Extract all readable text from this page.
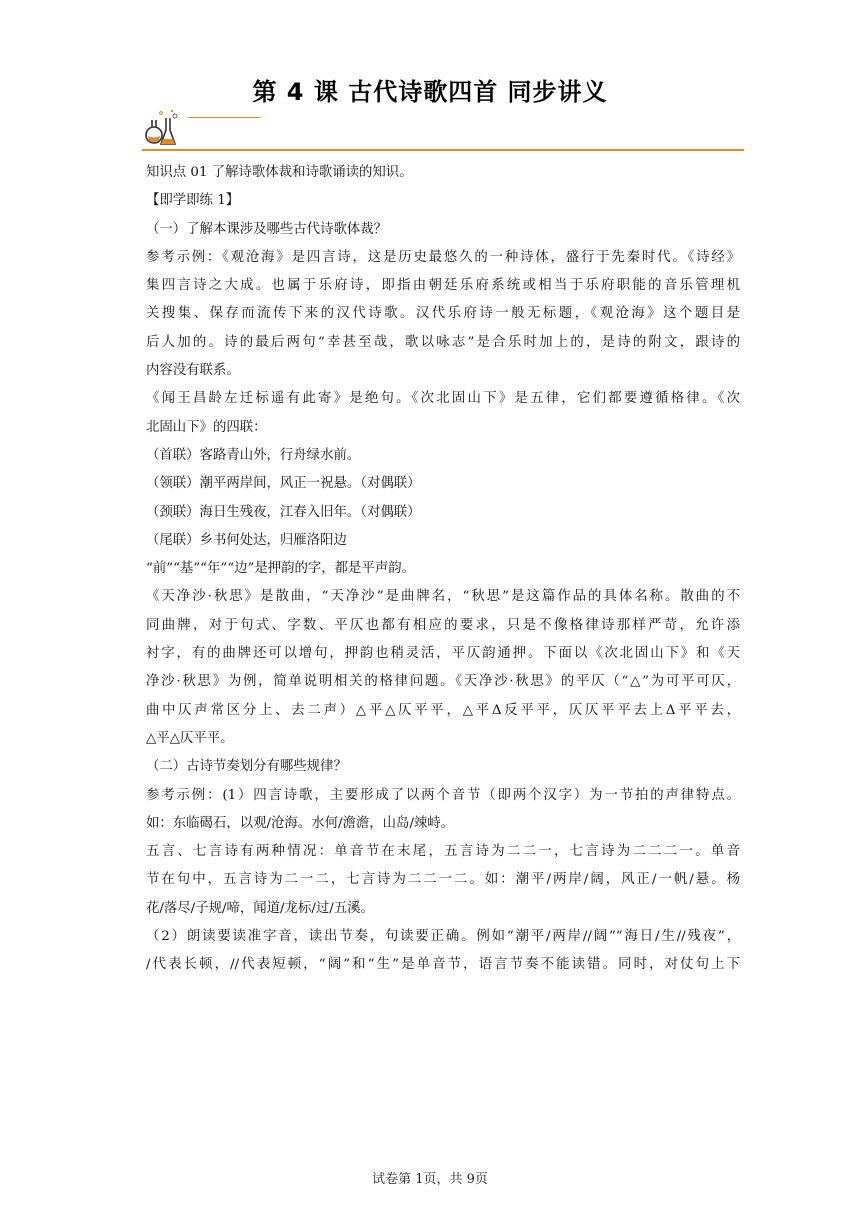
第 4 课 古代诗歌四首 同步讲义

知识点 01 了解诗歌体裁和诗歌诵读的知识。

【即学即练 1】

（一）了解本课涉及哪些古代诗歌体裁？

参考示例：《观沧海》是四言诗，这是历史最悠久的一种诗体，盛行于先秦时代。《诗经》

集四言诗之大成。也属于乐府诗，即指由朝廷乐府系统或相当于乐府职能的音乐管理机

关搜集、保存而流传下来的汉代诗歌。汉代乐府诗一般无标题，《观沧海》这个题目是

后人加的。诗的最后两句“幸甚至哉，歌以咏志”是合乐时加上的，是诗的附文，跟诗的

内容没有联系。

《闻王昌龄左迁标遥有此寄》是绝句。《次北固山下》是五律，它们都要遵循格律。《次

北固山下》的四联：

（首联）客路青山外，行舟绿水前。

（领联）潮平两岸间，风正一祝悬。（对偶联）

（颈联）海日生残夜，江春入旧年。（对偶联）

（尾联）乡书何处达，归雁洛阳边

“前”“基”“年”“边”是押韵的字，都是平声韵。

《天净沙·秋思》是散曲，“天净沙”是曲牌名，“秋思”是这篇作品的具体名称。散曲的不

同曲牌，对于句式、字数、平仄也都有相应的要求，只是不像格律诗那样严苛，允许添

衬字，有的曲牌还可以增句，押韵也稍灵活，平仄韵通押。下面以《次北固山下》和《天

净沙·秋思》为例，简单说明相关的格律问题。《天净沙·秋思》的平仄（“△”为可平可仄，

曲中仄声常区分上、去二声）△平△仄平平，△平Δ反平平，仄仄平平去上Δ平平去，

△平△仄平平。

（二）古诗节奏划分有哪些规律？

参考示例：(1）四言诗歌，主要形成了以两个音节（即两个汉字）为一节拍的声律特点。

如：东临碣石，以观/沧海。水何/澹澹，山岛/竦峙。

五言、七言诗有两种情况：单音节在末尾，五言诗为二二一，七言诗为二二二一。单音

节在句中，五言诗为二一二，七言诗为二二一二。如：潮平/两岸/阔，风正/一帆/悬。杨

花/落尽/子规/啼，闻道/龙标/过/五溪。

（2）朗读要读准字音，读出节奏，句读要正确。例如“潮平/两岸//阔”“海日/生//残夜”，

/代表长顿，//代表短顿，“阔”和“生”是单音节，语言节奏不能读错。同时，对仗句上下

试卷第 1页，共 9页
